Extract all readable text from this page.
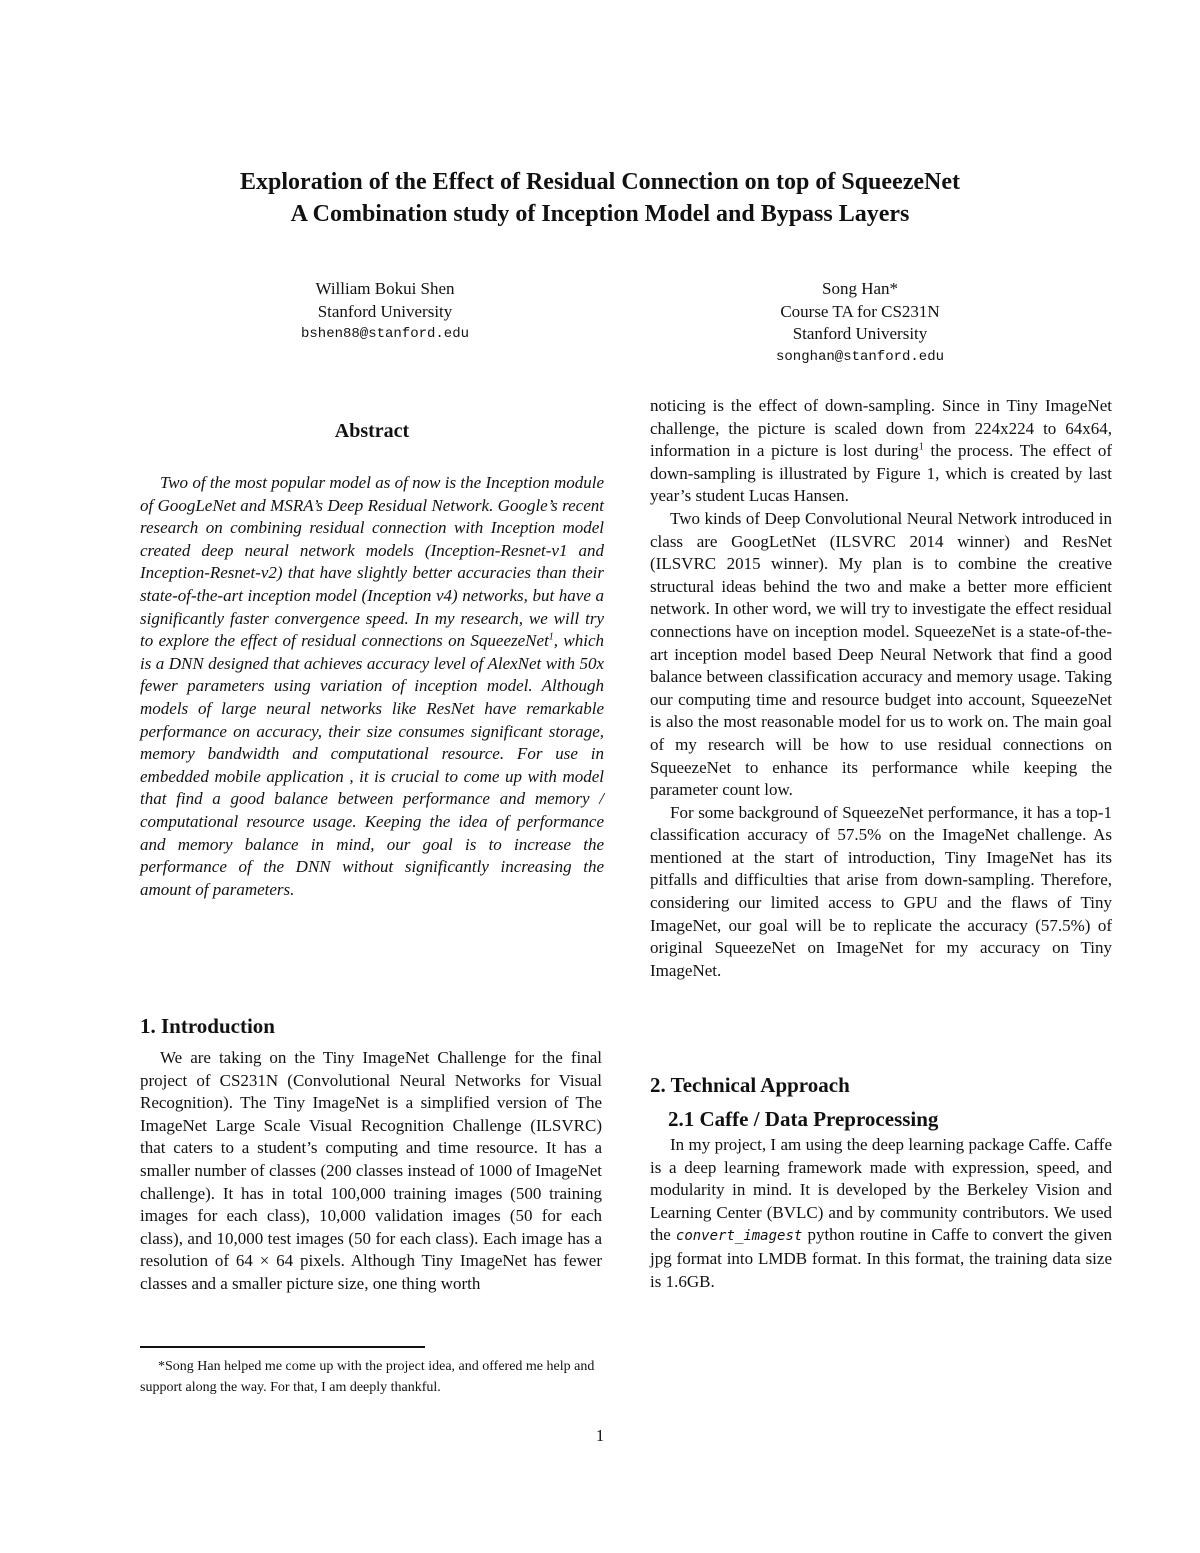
Exploration of the Effect of Residual Connection on top of SqueezeNet
A Combination study of Inception Model and Bypass Layers
William Bokui Shen
Stanford University
bshen88@stanford.edu
Song Han*
Course TA for CS231N
Stanford University
songhan@stanford.edu
Abstract

Two of the most popular model as of now is the Inception module of GoogLeNet and MSRA’s Deep Residual Network. Google’s recent research on combining residual connection with Inception model created deep neural network models (Inception-Resnet-v1 and Inception-Resnet-v2) that have slightly better accuracies than their state-of-the-art inception model (Inception v4) networks, but have a significantly faster convergence speed. In my research, we will try to explore the effect of residual connections on SqueezeNet$^1$, which is a DNN designed that achieves accuracy level of AlexNet with 50x fewer parameters using variation of inception model. Although models of large neural networks like ResNet have remarkable performance on accuracy, their size consumes significant storage, memory bandwidth and computational resource. For use in embedded mobile application , it is crucial to come up with model that find a good balance between performance and memory / computational resource usage. Keeping the idea of performance and memory balance in mind, our goal is to increase the performance of the DNN without significantly increasing the amount of parameters.

1. Introduction

We are taking on the Tiny ImageNet Challenge for the final project of CS231N (Convolutional Neural Networks for Visual Recognition). The Tiny ImageNet is a simplified version of The ImageNet Large Scale Visual Recognition Challenge (ILSVRC) that caters to a student’s computing and time resource. It has a smaller number of classes (200 classes instead of 1000 of ImageNet challenge). It has in total 100,000 training images (500 training images for each class), 10,000 validation images (50 for each class), and 10,000 test images (50 for each class). Each image has a resolution of 64 × 64 pixels. Although Tiny ImageNet has fewer classes and a smaller picture size, one thing worth

*Song Han helped me come up with the project idea, and offered me help and support along the way. For that, I am deeply thankful.

noticing is the effect of down-sampling. Since in Tiny ImageNet challenge, the picture is scaled down from 224x224 to 64x64, information in a picture is lost during$^1$ the process. The effect of down-sampling is illustrated by Figure 1, which is created by last year’s student Lucas Hansen.

Two kinds of Deep Convolutional Neural Network introduced in class are GoogLetNet (ILSVRC 2014 winner) and ResNet (ILSVRC 2015 winner). My plan is to combine the creative structural ideas behind the two and make a better more efficient network. In other word, we will try to investigate the effect residual connections have on inception model. SqueezeNet is a state-of-the-art inception model based Deep Neural Network that find a good balance between classification accuracy and memory usage. Taking our computing time and resource budget into account, SqueezeNet is also the most reasonable model for us to work on. The main goal of my research will be how to use residual connections on SqueezeNet to enhance its performance while keeping the parameter count low.

For some background of SqueezeNet performance, it has a top-1 classification accuracy of 57.5% on the ImageNet challenge. As mentioned at the start of introduction, Tiny ImageNet has its pitfalls and difficulties that arise from down-sampling. Therefore, considering our limited access to GPU and the flaws of Tiny ImageNet, our goal will be to replicate the accuracy (57.5%) of original SqueezeNet on ImageNet for my accuracy on Tiny ImageNet.

2. Technical Approach
2.1 Caffe / Data Preprocessing

In my project, I am using the deep learning package Caffe. Caffe is a deep learning framework made with expression, speed, and modularity in mind. It is developed by the Berkeley Vision and Learning Center (BVLC) and by community contributors. We used the convert_imagest python routine in Caffe to convert the given jpg format into LMDB format. In this format, the training data size is 1.6GB.

1
